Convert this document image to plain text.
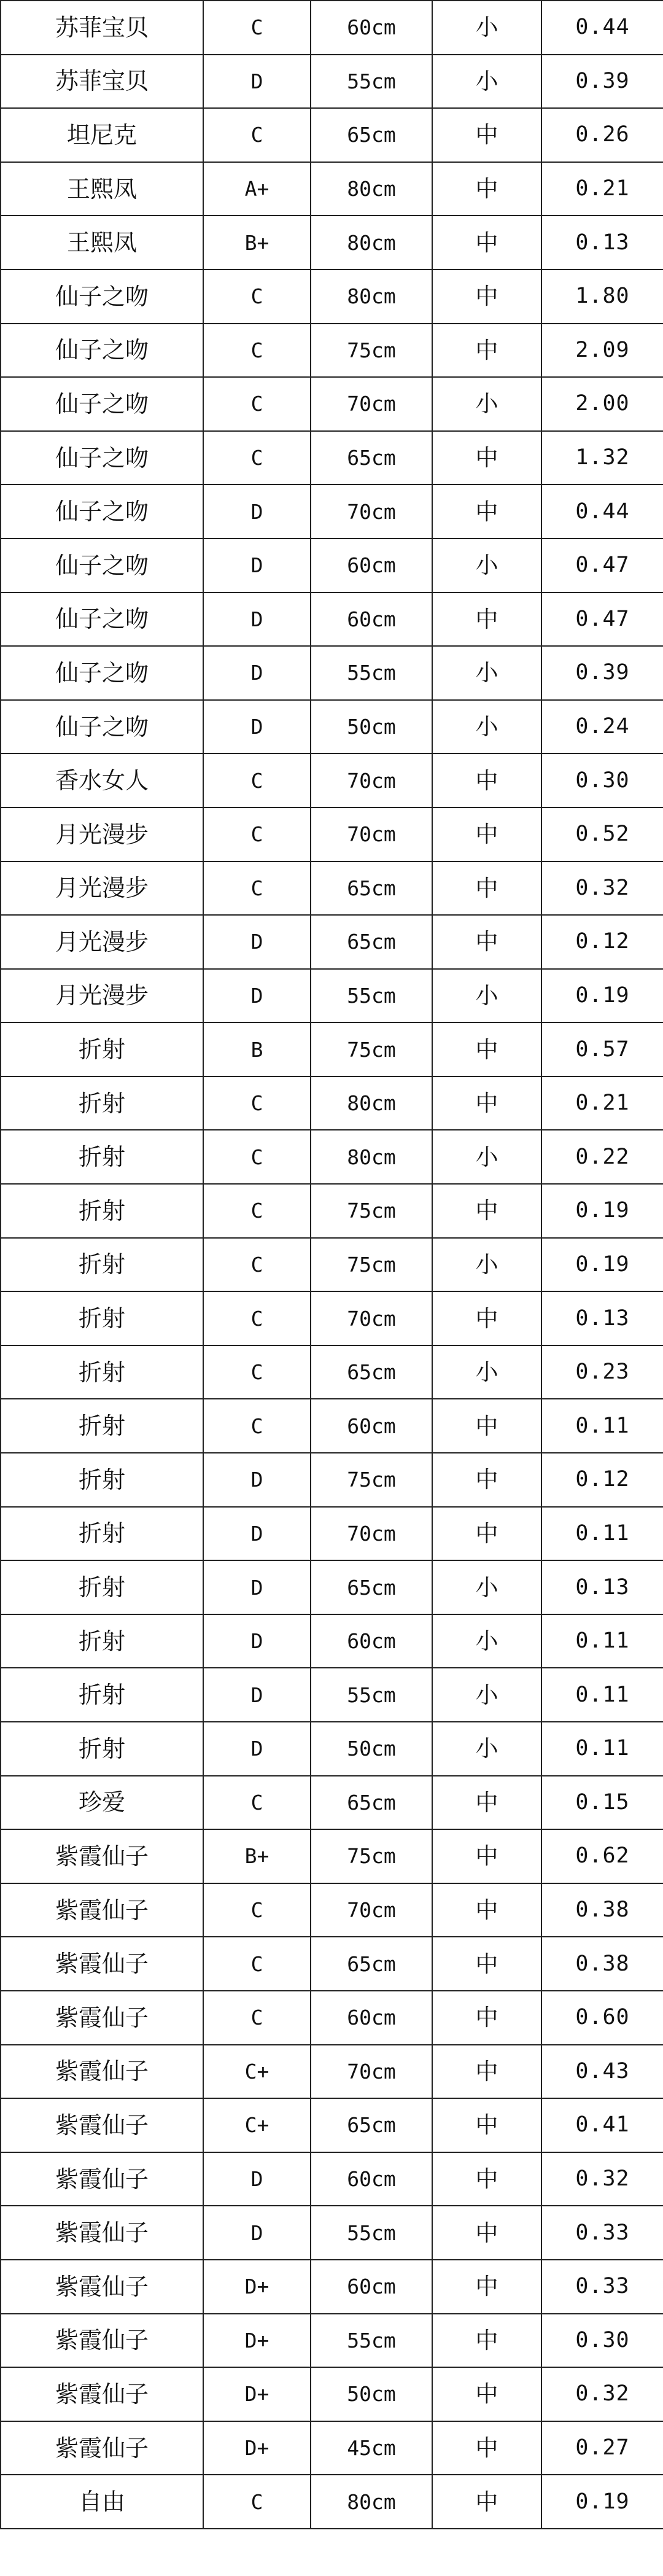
苏菲宝贝	C	60cm	小	0.44
苏菲宝贝	D	55cm	小	0.39
坦尼克	C	65cm	中	0.26
王熙凤	A+	80cm	中	0.21
王熙凤	B+	80cm	中	0.13
仙子之吻	C	80cm	中	1.80
仙子之吻	C	75cm	中	2.09
仙子之吻	C	70cm	小	2.00
仙子之吻	C	65cm	中	1.32
仙子之吻	D	70cm	中	0.44
仙子之吻	D	60cm	小	0.47
仙子之吻	D	60cm	中	0.47
仙子之吻	D	55cm	小	0.39
仙子之吻	D	50cm	小	0.24
香水女人	C	70cm	中	0.30
月光漫步	C	70cm	中	0.52
月光漫步	C	65cm	中	0.32
月光漫步	D	65cm	中	0.12
月光漫步	D	55cm	小	0.19
折射	B	75cm	中	0.57
折射	C	80cm	中	0.21
折射	C	80cm	小	0.22
折射	C	75cm	中	0.19
折射	C	75cm	小	0.19
折射	C	70cm	中	0.13
折射	C	65cm	小	0.23
折射	C	60cm	中	0.11
折射	D	75cm	中	0.12
折射	D	70cm	中	0.11
折射	D	65cm	小	0.13
折射	D	60cm	小	0.11
折射	D	55cm	小	0.11
折射	D	50cm	小	0.11
珍爱	C	65cm	中	0.15
紫霞仙子	B+	75cm	中	0.62
紫霞仙子	C	70cm	中	0.38
紫霞仙子	C	65cm	中	0.38
紫霞仙子	C	60cm	中	0.60
紫霞仙子	C+	70cm	中	0.43
紫霞仙子	C+	65cm	中	0.41
紫霞仙子	D	60cm	中	0.32
紫霞仙子	D	55cm	中	0.33
紫霞仙子	D+	60cm	中	0.33
紫霞仙子	D+	55cm	中	0.30
紫霞仙子	D+	50cm	中	0.32
紫霞仙子	D+	45cm	中	0.27
自由	C	80cm	中	0.19
